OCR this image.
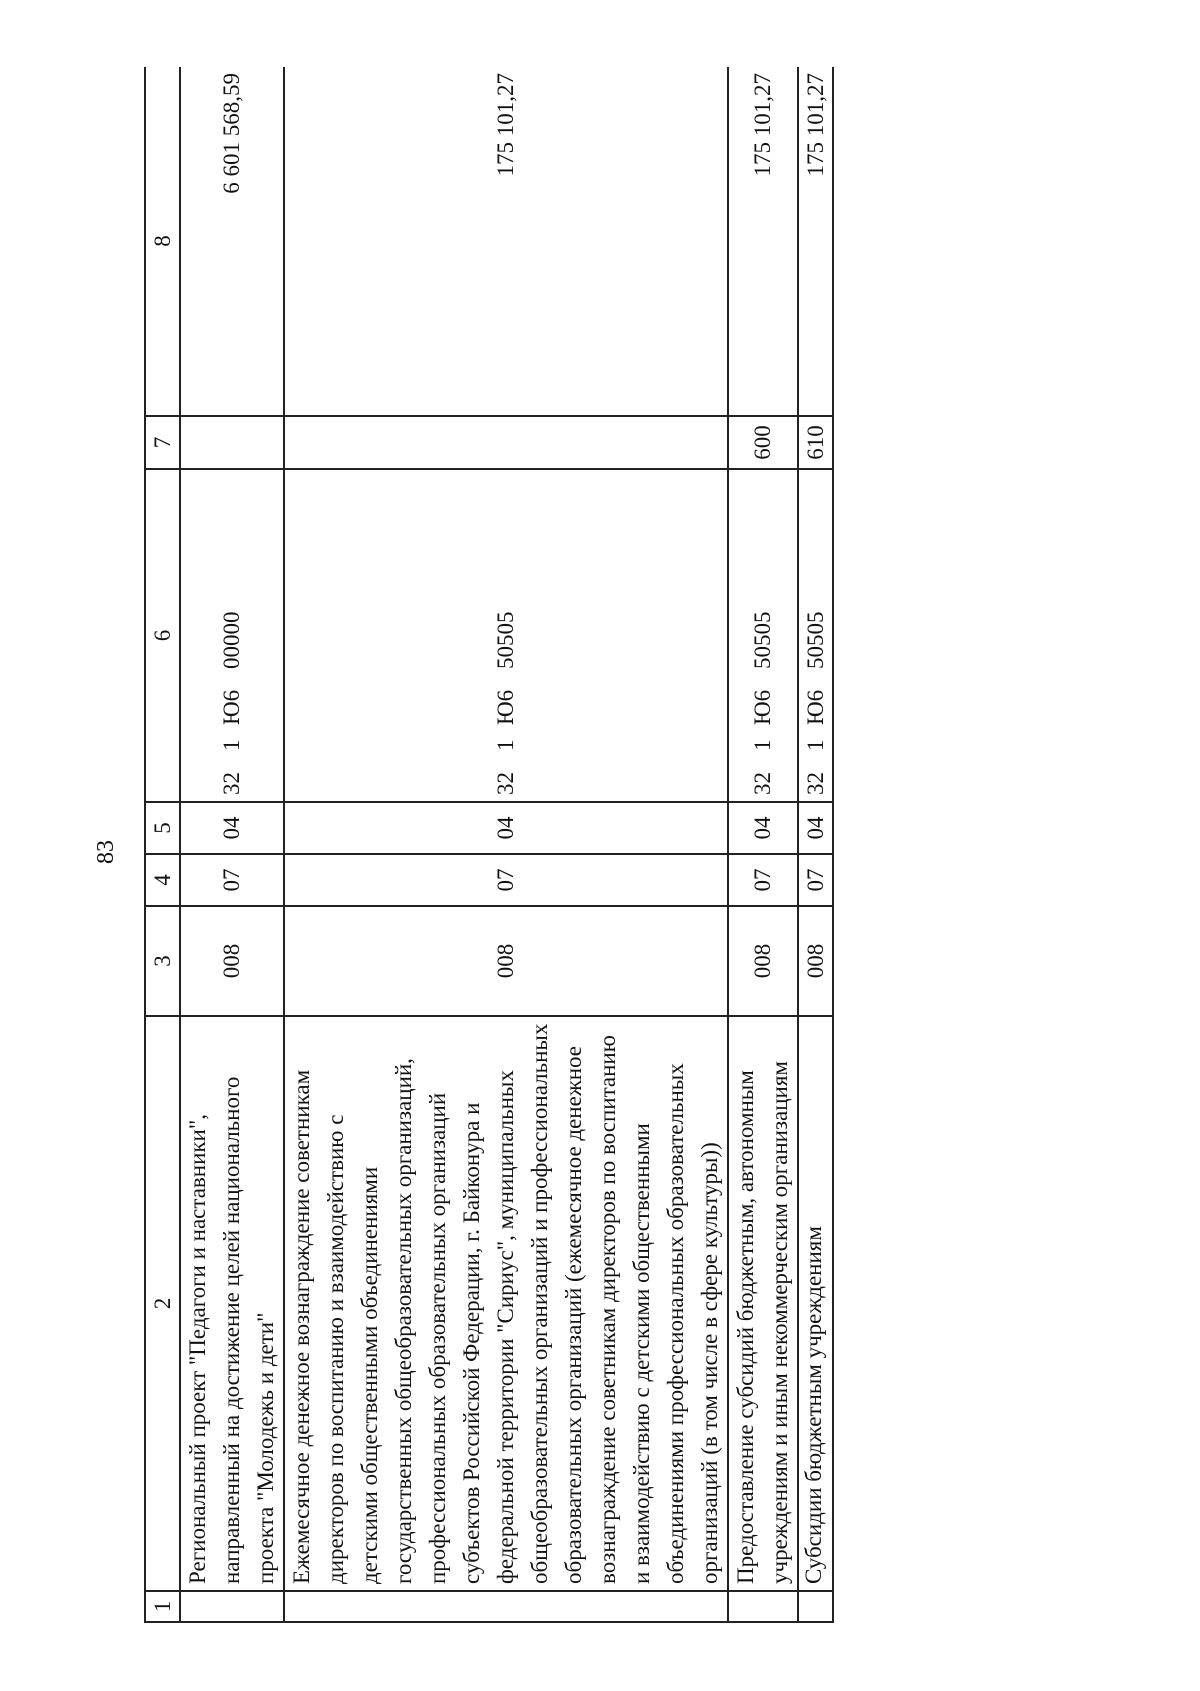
83
1	2	3	4	5	6	7	8
	Региональный проект "Педагоги и наставники", направленный на достижение целей национального проекта "Молодежь и дети"	008	07	04	321Ю600000		6 601 568,59
	Ежемесячное денежное вознаграждение советникам директоров по воспитанию и взаимодействию с детскими общественными объединениями государственных общеобразовательных организаций, профессиональных образовательных организаций субъектов Российской Федерации, г. Байконура и федеральной территории "Сириус", муниципальных общеобразовательных организаций и профессиональных образовательных организаций (ежемесячное денежное вознаграждение советникам директоров по воспитанию и взаимодействию с детскими общественными объединениями профессиональных образовательных организаций (в том числе в сфере культуры))	008	07	04	321Ю650505		175 101,27
	Предоставление субсидий бюджетным, автономным учреждениям и иным некоммерческим организациям	008	07	04	321Ю650505	600	175 101,27
	Субсидии бюджетным учреждениям	008	07	04	321Ю650505	610	175 101,27
